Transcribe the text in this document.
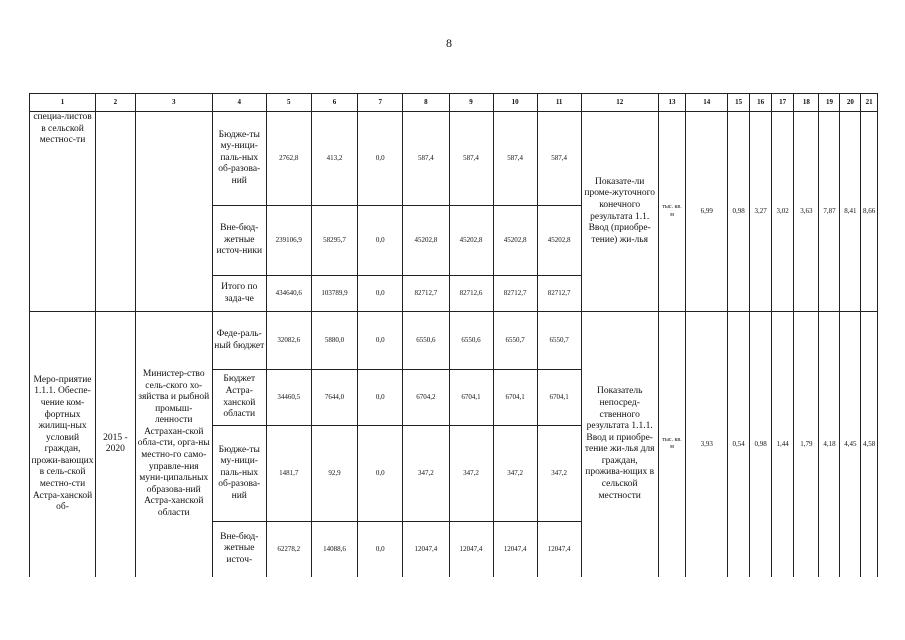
8
1	2	3	4	5	6	7	8	9	10	11	12	13	14	15	16	17	18	19	20	21
специа-листов в сельской местнос-ти			Бюдже-ты му-ници-паль-ных об-разова-ний	2762,8	413,2	0,0	587,4	587,4	587,4	587,4	Показате-ли проме-жуточного конечного результата 1.1. Ввод (приобре-тение) жи-лья	тыс. кв. м	6,99	0,98	3,27	3,02	3,63	7,87	8,41	8,66
			Вне-бюд-жетные источ-ники	239106,9	58295,7	0,0	45202,8	45202,8	45202,8	45202,8										
			Итого по зада-че	434640,6	103789,9	0,0	82712,7	82712,6	82712,7	82712,7										
Меро-приятие 1.1.1. Обеспе-чение ком-фортных жилищ-ных условий граждан, прожи-вающих в сель-ской местно-сти Астра-ханской об-	2015 - 2020	Министер-ство сель-ского хо-зяйства и рыбной промыш-ленности Астрахан-ской обла-сти, орга-ны местно-го само-управле-ния муни-ципальных образова-ний Астра-ханской области	Феде-раль-ный бюджет	32082,6	5880,0	0,0	6550,6	6550,6	6550,7	6550,7	Показатель непосред-ственного результата 1.1.1. Ввод и приобре-тение жи-лья для граждан, прожива-ющих в сельской местности	тыс. кв. м	3,93	0,54	0,98	1,44	1,79	4,18	4,45	4,58
			Бюджет Астра-ханской области	34460,5	7644,0	0,0	6704,2	6704,1	6704,1	6704,1										
			Бюдже-ты му-ници-паль-ных об-разова-ний	1481,7	92,9	0,0	347,2	347,2	347,2	347,2										
			Вне-бюд-жетные источ-	62278,2	14088,6	0,0	12047,4	12047,4	12047,4	12047,4										
